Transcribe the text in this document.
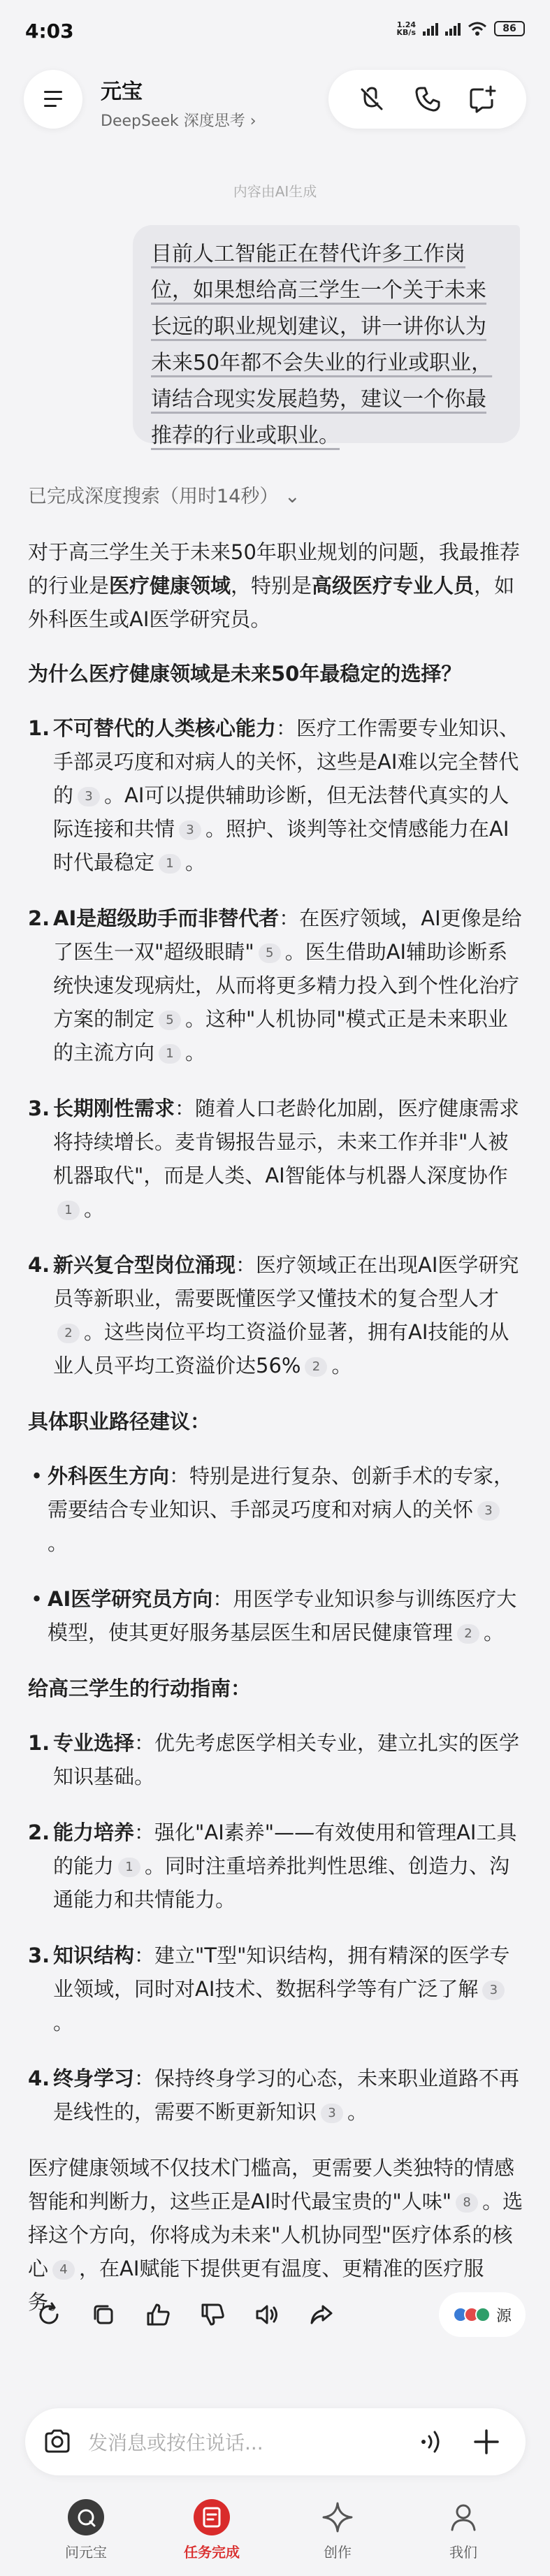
4:03	1.24
KB/s	86
元宝
DeepSeek 深度思考 ›
内容由AI生成
目前人工智能正在替代许多工作岗位，如果想给高三学生一个关于未来长远的职业规划建议，讲一讲你认为未来50年都不会失业的行业或职业，请结合现实发展趋势，建议一个你最推荐的行业或职业。
已完成深度搜索（用时14秒） ⌄
对于高三学生关于未来50年职业规划的问题，我最推荐的行业是医疗健康领域，特别是高级医疗专业人员，如外科医生或AI医学研究员。
为什么医疗健康领域是未来50年最稳定的选择？
1. 不可替代的人类核心能力：医疗工作需要专业知识、手部灵巧度和对病人的关怀，这些是AI难以完全替代的 3 。AI可以提供辅助诊断，但无法替代真实的人际连接和共情 3 。照护、谈判等社交情感能力在AI时代最稳定 1 。
2. AI是超级助手而非替代者：在医疗领域，AI更像是给了医生一双"超级眼睛" 5 。医生借助AI辅助诊断系统快速发现病灶，从而将更多精力投入到个性化治疗方案的制定 5 。这种"人机协同"模式正是未来职业的主流方向 1 。
3. 长期刚性需求：随着人口老龄化加剧，医疗健康需求将持续增长。麦肯锡报告显示，未来工作并非"人被机器取代"，而是人类、AI智能体与机器人深度协作1 。
4. 新兴复合型岗位涌现：医疗领域正在出现AI医学研究员等新职业，需要既懂医学又懂技术的复合型人才2 。这些岗位平均工资溢价显著，拥有AI技能的从业人员平均工资溢价达56% 2 。
具体职业路径建议：
• 外科医生方向：特别是进行复杂、创新手术的专家，需要结合专业知识、手部灵巧度和对病人的关怀 3。
• AI医学研究员方向：用医学专业知识参与训练医疗大模型，使其更好服务基层医生和居民健康管理 2 。
给高三学生的行动指南：
1. 专业选择：优先考虑医学相关专业，建立扎实的医学知识基础。
2. 能力培养：强化"AI素养"——有效使用和管理AI工具的能力 1 。同时注重培养批判性思维、创造力、沟通能力和共情能力。
3. 知识结构：建立"T型"知识结构，拥有精深的医学专业领域，同时对AI技术、数据科学等有广泛了解 3。
4. 终身学习：保持终身学习的心态，未来职业道路不再是线性的，需要不断更新知识 3 。
医疗健康领域不仅技术门槛高，更需要人类独特的情感智能和判断力，这些正是AI时代最宝贵的"人味" 8 。选择这个方向，你将成为未来"人机协同型"医疗体系的核心 4 ，在AI赋能下提供更有温度、更精准的医疗服务。
源
发消息或按住说话...
问元宝	任务完成	创作	我们
